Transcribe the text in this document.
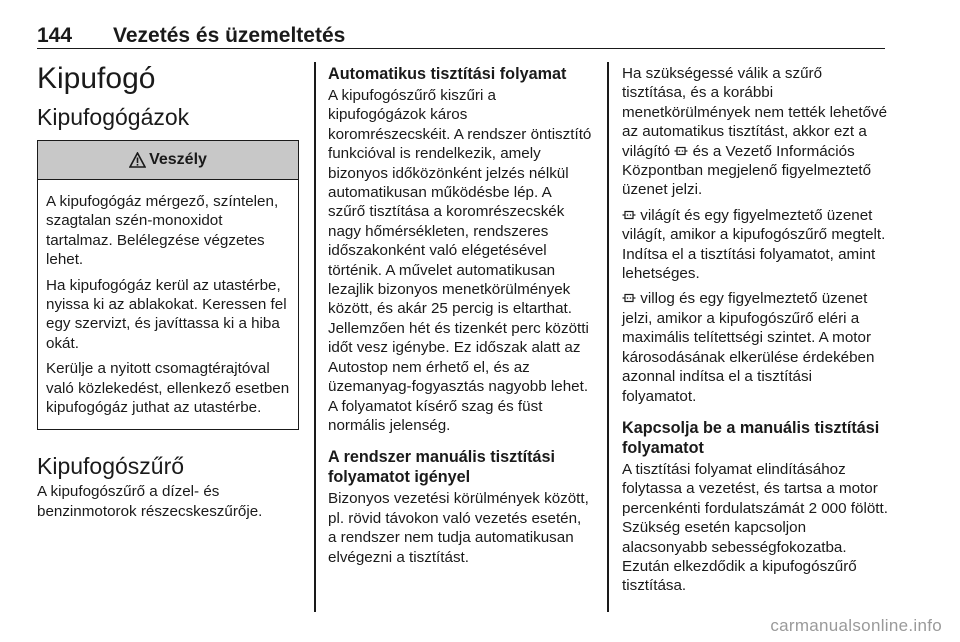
144 Vezetés és üzemeltetés
Kipufogó
Kipufogógázok
Veszély

A kipufogógáz mérgező, színtelen, szagtalan szén-monoxidot tartalmaz. Belélegzése végzetes lehet.

Ha kipufogógáz kerül az utastérbe, nyissa ki az ablakokat. Keressen fel egy szervizt, és javíttassa ki a hiba okát.

Kerülje a nyitott csomagtérajtóval való közlekedést, ellenkező esetben kipufogógáz juthat az utastérbe.

Kipufogószűrő

A kipufogószűrő a dízel- és benzinmotorok részecskeszűrője.

Automatikus tisztítási folyamat

A kipufogószűrő kiszűri a kipufogógázok káros koromrészecskéit. A rendszer öntisztító funkcióval is rendelkezik, amely bizonyos időközönként jelzés nélkül automatikusan működésbe lép. A szűrő tisztítása a koromrészecskék nagy hőmérsékleten, rendszeres időszakonként való elégetésével történik. A művelet automatikusan lezajlik bizonyos menetkörülmények között, és akár 25 percig is eltarthat. Jellemzően hét és tizenkét perc közötti időt vesz igénybe. Ez időszak alatt az Autostop nem érhető el, és az üzemanyag-fogyasztás nagyobb lehet. A folyamatot kísérő szag és füst normális jelenség.

A rendszer manuális tisztítási folyamatot igényel

Bizonyos vezetési körülmények között, pl. rövid távokon való vezetés esetén, a rendszer nem tudja automatikusan elvégezni a tisztítást.

Ha szükségessé válik a szűrő tisztítása, és a korábbi menetkörülmények nem tették lehetővé az automatikus tisztítást, akkor ezt a világító és a Vezető Információs Központban megjelenő figyelmeztető üzenet jelzi.

világít és egy figyelmeztető üzenet világít, amikor a kipufogószűrő megtelt. Indítsa el a tisztítási folyamatot, amint lehetséges.

villog és egy figyelmeztető üzenet jelzi, amikor a kipufogószűrő eléri a maximális telítettségi szintet. A motor károsodásának elkerülése érdekében azonnal indítsa el a tisztítási folyamatot.

Kapcsolja be a manuális tisztítási folyamatot

A tisztítási folyamat elindításához folytassa a vezetést, és tartsa a motor percenkénti fordulatszámát 2 000 fölött. Szükség esetén kapcsoljon alacsonyabb sebességfokozatba. Ezután elkezdődik a kipufogószűrő tisztítása.

carmanualsonline.info
